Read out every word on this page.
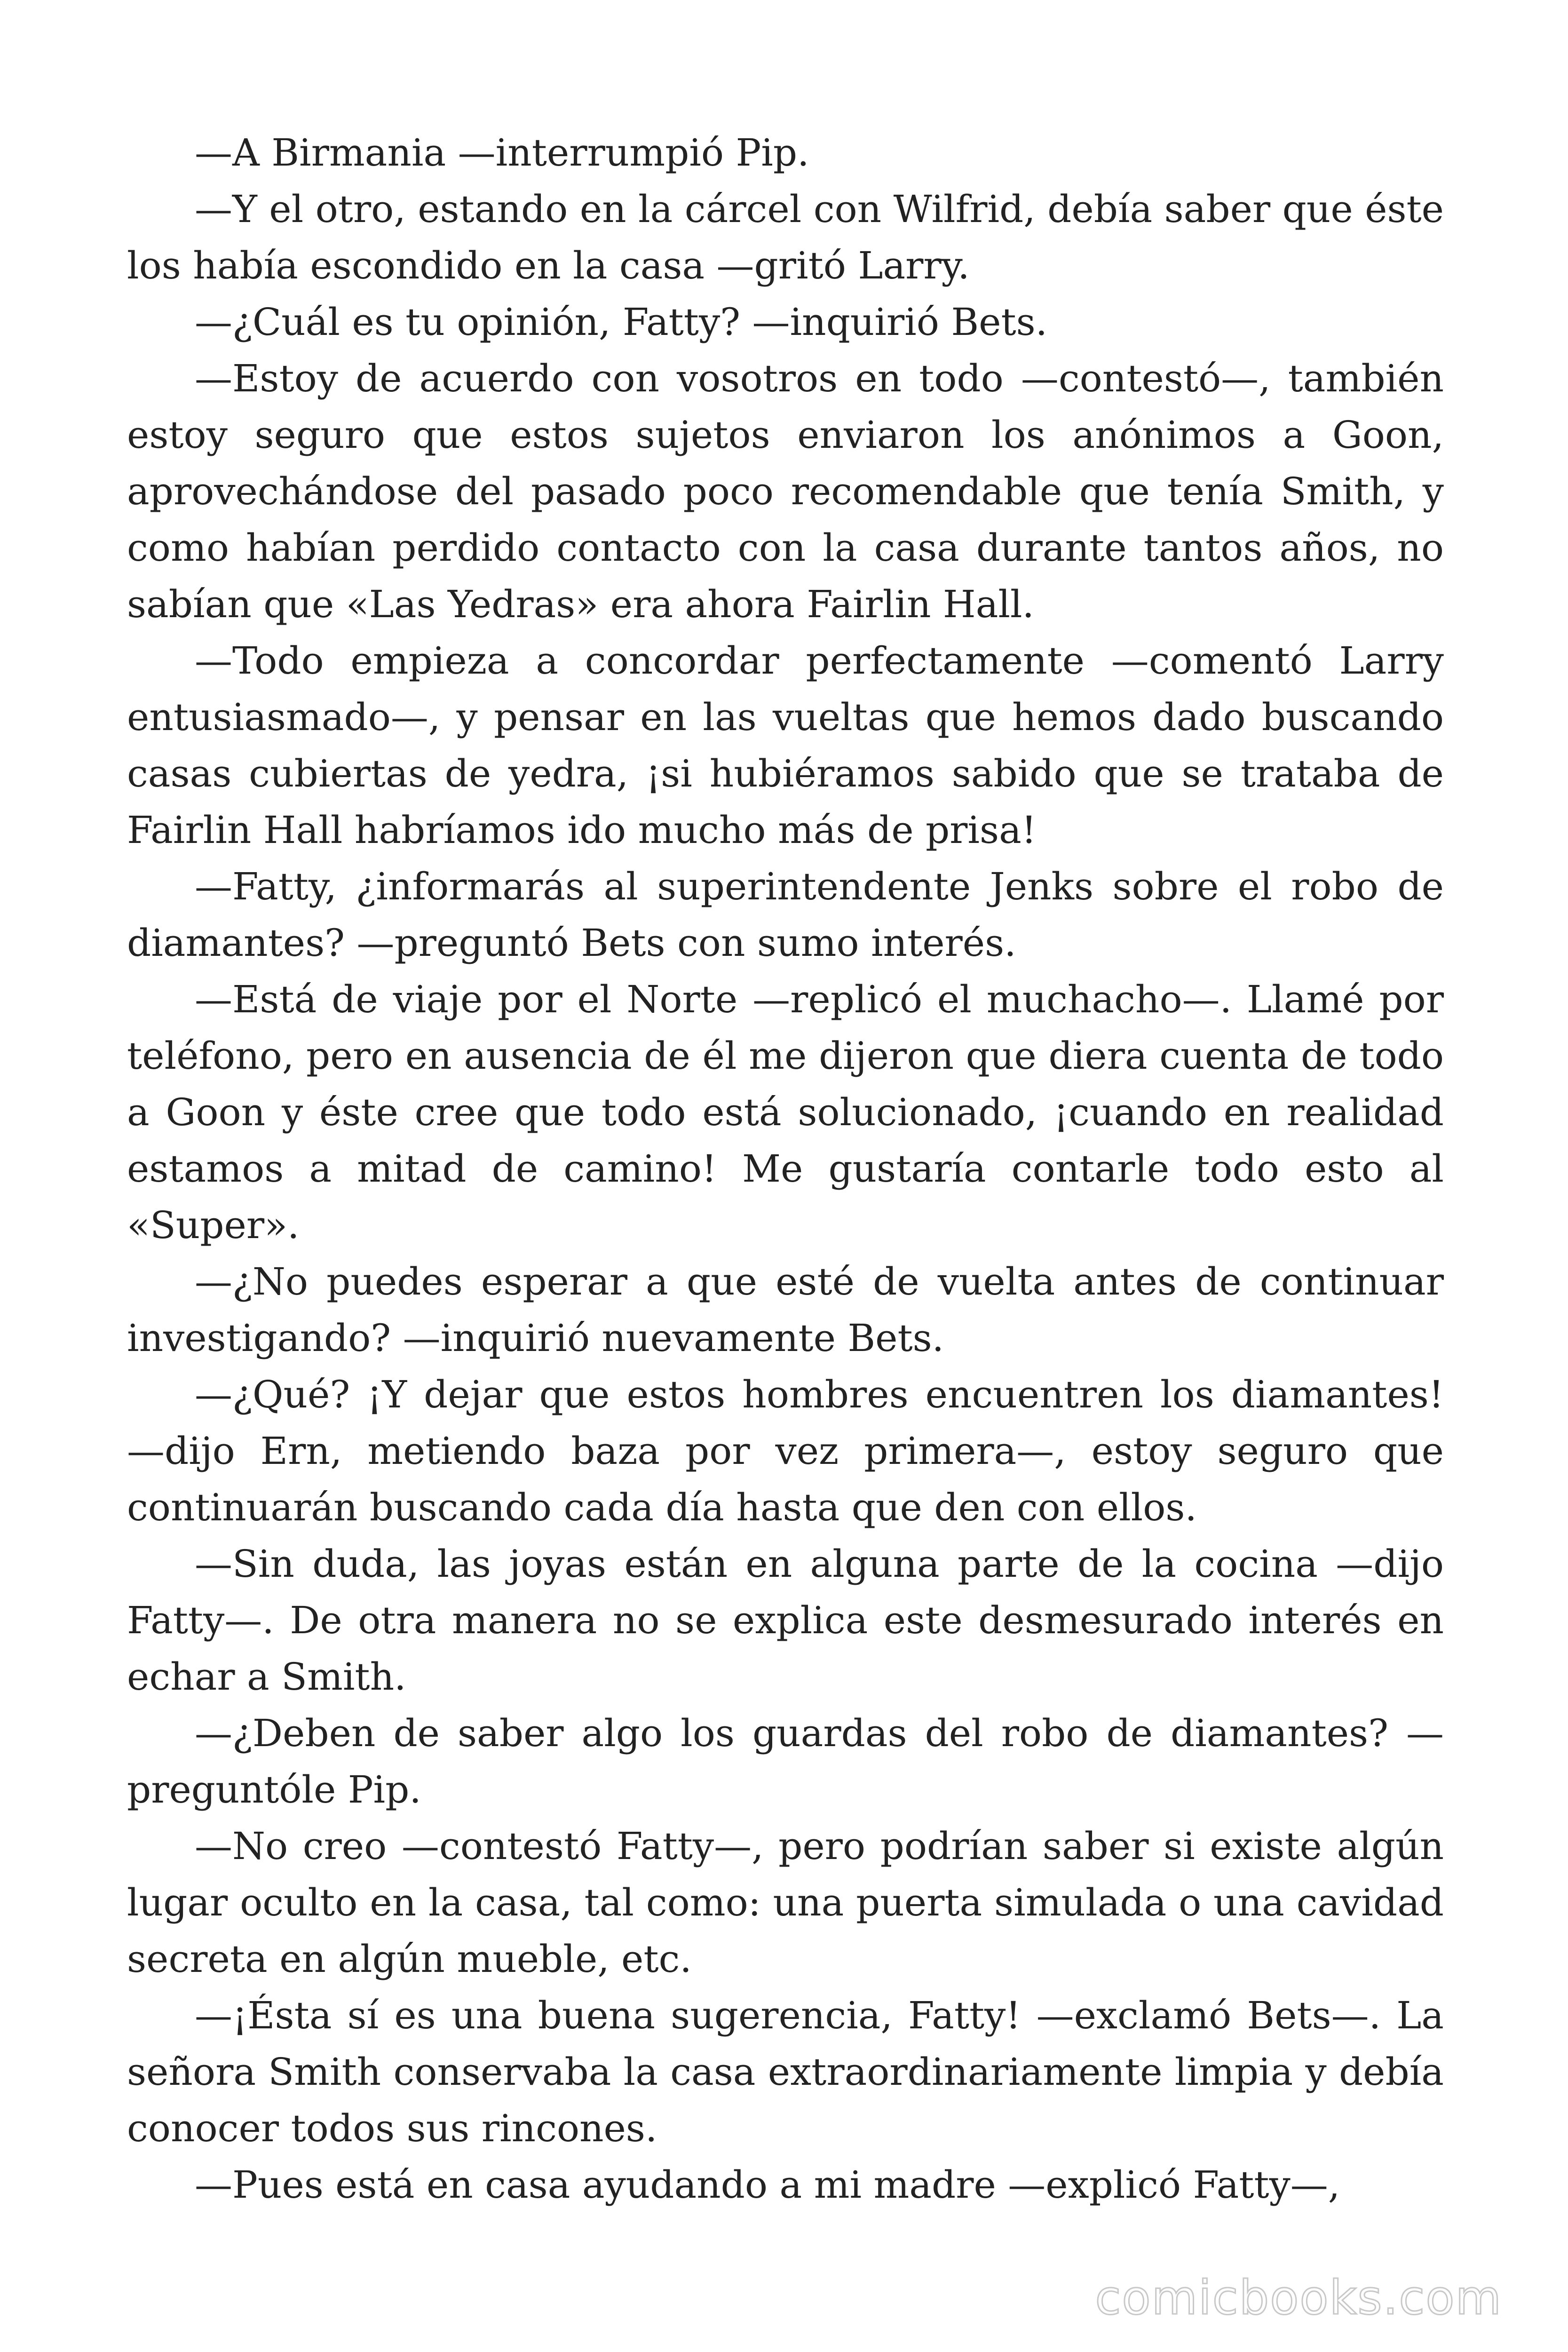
—A Birmania —interrumpió Pip.

—Y el otro, estando en la cárcel con Wilfrid, debía saber que éste los había escondido en la casa —gritó Larry.

—¿Cuál es tu opinión, Fatty? —inquirió Bets.

—Estoy de acuerdo con vosotros en todo —contestó—, también estoy seguro que estos sujetos enviaron los anónimos a Goon, aprovechándose del pasado poco recomendable que tenía Smith, y como habían perdido contacto con la casa durante tantos años, no sabían que «Las Yedras» era ahora Fairlin Hall.

—Todo empieza a concordar perfectamente —comentó Larry entusiasmado—, y pensar en las vueltas que hemos dado buscando casas cubiertas de yedra, ¡si hubiéramos sabido que se trataba de Fairlin Hall habríamos ido mucho más de prisa!

—Fatty, ¿informarás al superintendente Jenks sobre el robo de diamantes? —preguntó Bets con sumo interés.

—Está de viaje por el Norte —replicó el muchacho—. Llamé por teléfono, pero en ausencia de él me dijeron que diera cuenta de todo a Goon y éste cree que todo está solucionado, ¡cuando en realidad estamos a mitad de camino! Me gustaría contarle todo esto al «Super».

—¿No puedes esperar a que esté de vuelta antes de continuar investigando? —inquirió nuevamente Bets.

—¿Qué? ¡Y dejar que estos hombres encuentren los diamantes! —dijo Ern, metiendo baza por vez primera—, estoy seguro que continuarán buscando cada día hasta que den con ellos.

—Sin duda, las joyas están en alguna parte de la cocina —dijo Fatty—. De otra manera no se explica este desmesurado interés en echar a Smith.

—¿Deben de saber algo los guardas del robo de diamantes? —preguntóle Pip.

—No creo —contestó Fatty—, pero podrían saber si existe algún lugar oculto en la casa, tal como: una puerta simulada o una cavidad secreta en algún mueble, etc.

—¡Ésta sí es una buena sugerencia, Fatty! —exclamó Bets—. La señora Smith conservaba la casa extraordinariamente limpia y debía conocer todos sus rincones.

—Pues está en casa ayudando a mi madre —explicó Fatty—,

comicbooks.com
